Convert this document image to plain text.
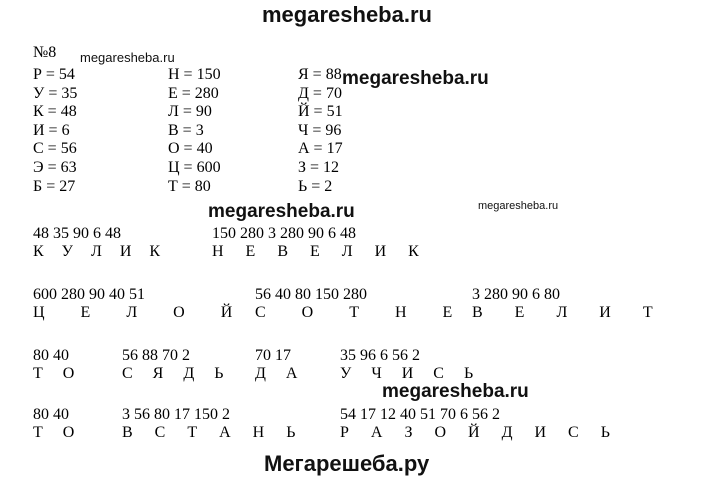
megaresheba.ru
№8 megaresheba.ru
Р = 54
У = 35
К = 48
И = 6
С = 56
Э = 63
Б = 27
Н = 150
Е = 280
Л = 90
В = 3
О = 40
Ц = 600
Т = 80
Я = 88
Д = 70
Й = 51
Ч = 96
А = 17
З = 12
Ь = 2
megaresheba.ru
megaresheba.ru	megaresheba.ru
48 35 90 6 48
К У Л И К
150 280 3 280 90 6 48
Н Е В Е Л И К
600 280 90 40 51
Ц Е Л О Й
56 40 80 150 280
С О Т Н Е
3 280 90 6 80
В Е Л И Т
80 40
Т О
56 88 70 2
С Я Д Ь
70 17
Д А
35 96 6 56 2
У Ч И С Ь
megaresheba.ru
80 40
Т О
3 56 80 17 150 2
В С Т А Н Ь
54 17 12 40 51 70 6 56 2
Р А З О Й Д И С Ь
Мегарешеба.ру
